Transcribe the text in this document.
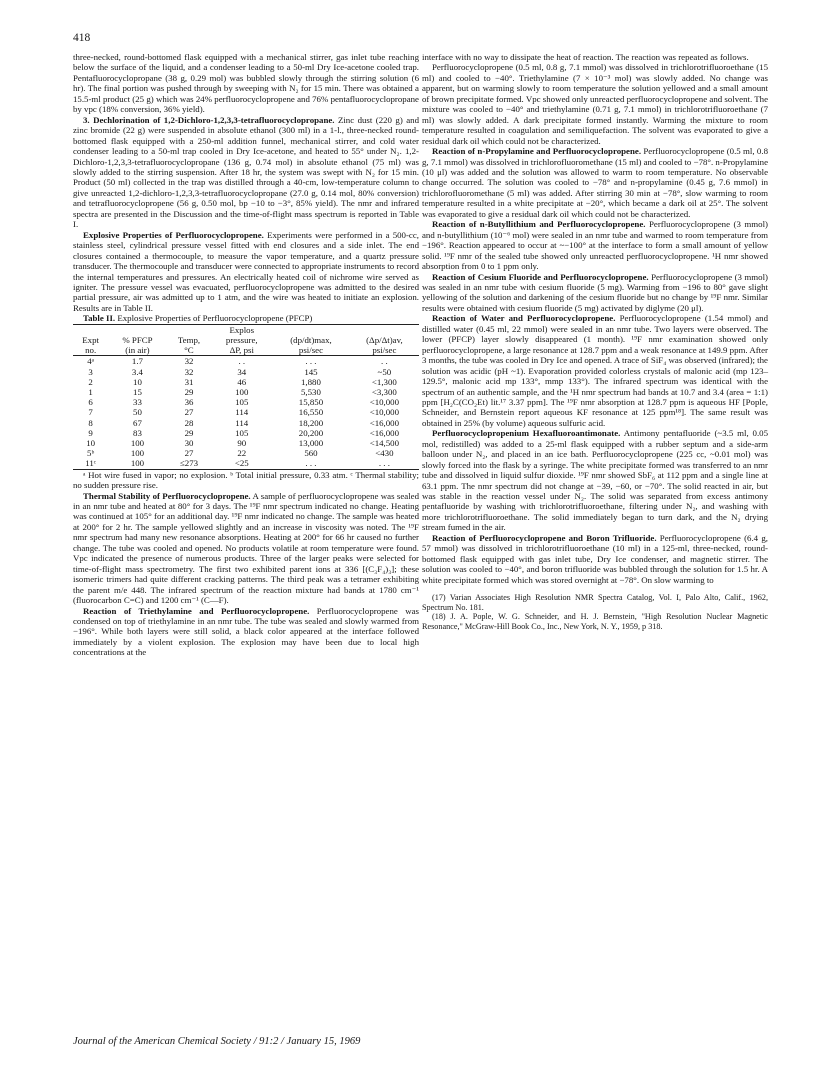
418

three-necked, round-bottomed flask equipped with a mechanical stirrer, gas inlet tube reaching below the surface of the liquid, and a condenser leading to a 50-ml Dry Ice-acetone cooled trap. Pentafluorocyclopropane (38 g, 0.29 mol) was bubbled slowly through the stirring solution (6 hr). The final portion was pushed through by sweeping with N₂ for 15 min. There was obtained a 15.5-ml product (25 g) which was 24% perfluorocyclopropene and 76% pentafluorocyclopropane by vpc (18% conversion, 36% yield).

3. Dechlorination of 1,2-Dichloro-1,2,3,3-tetrafluorocyclopropane. Zinc dust (220 g) and zinc bromide (22 g) were suspended in absolute ethanol (300 ml) in a 1-l., three-necked round-bottomed flask equipped with a 250-ml addition funnel, mechanical stirrer, and cold water condenser leading to a 50-ml trap cooled in Dry Ice-acetone, and heated to 55° under N₂. 1,2-Dichloro-1,2,3,3-tetrafluorocyclopropane (136 g, 0.74 mol) in absolute ethanol (75 ml) was slowly added to the stirring suspension. After 18 hr, the system was swept with N₂ for 15 min. Product (50 ml) collected in the trap was distilled through a 40-cm, low-temperature column to give unreacted 1,2-dichloro-1,2,3,3-tetrafluorocyclopropane (27.0 g, 0.14 mol, 80% conversion) and tetrafluorocyclopropene (56 g, 0.50 mol, bp −10 to −3°, 85% yield). The nmr and infrared spectra are presented in the Discussion and the time-of-flight mass spectrum is reported in Table I.

Explosive Properties of Perfluorocyclopropene. Experiments were performed in a 500-cc, stainless steel, cylindrical pressure vessel fitted with end closures and a side inlet. The end closures contained a thermocouple, to measure the vapor temperature, and a quartz pressure transducer. The thermocouple and transducer were connected to appropriate instruments to record the internal temperatures and pressures. An electrically heated coil of nichrome wire served as igniter. The pressure vessel was evacuated, perfluorocyclopropene was admitted to the desired partial pressure, air was admitted up to 1 atm, and the wire was heated to initiate an explosion. Results are in Table II.

Table II. Explosive Properties of Perfluorocyclopropene (PFCP)

			Explos		
Expt	% PFCP	Temp,	pressure,	(dp/dt)max,	(Δp/Δt)av,
no.	(in air)	°C	ΔP, psi	psi/sec	psi/sec
4ᵃ	1.7	32	. .	. . .	. .
3	3.4	32	34	145	~50
2	10	31	46	1,880	<1,300
1	15	29	100	5,530	<3,300
6	33	36	105	15,850	<10,000
7	50	27	114	16,550	<10,000
8	67	28	114	18,200	<16,000
9	83	29	105	20,200	<16,000
10	100	30	90	13,000	<14,500
5ᵇ	100	27	22	560	<430
11ᶜ	100	≤273	<25	. . .	. . .

ᵃ Hot wire fused in vapor; no explosion. ᵇ Total initial pressure, 0.33 atm. ᶜ Thermal stability; no sudden pressure rise.

Thermal Stability of Perfluorocyclopropene. A sample of perfluorocyclopropene was sealed in an nmr tube and heated at 80° for 3 days. The ¹⁹F nmr spectrum indicated no change. Heating was continued at 105° for an additional day. ¹⁹F nmr indicated no change. The sample was heated at 200° for 2 hr. The sample yellowed slightly and an increase in viscosity was noted. The ¹⁹F nmr spectrum had many new resonance absorptions. Heating at 200° for 66 hr caused no further change. The tube was cooled and opened. No products volatile at room temperature were found. Vpc indicated the presence of numerous products. Three of the larger peaks were selected for time-of-flight mass spectrometry. The first two exhibited parent ions at 336 [(C₃F₄)₃]; these isomeric trimers had quite different cracking patterns. The third peak was a tetramer exhibiting the parent m/e 448. The infrared spectrum of the reaction mixture had bands at 1780 cm⁻¹ (fluorocarbon C=C) and 1200 cm⁻¹ (C—F).

Reaction of Triethylamine and Perfluorocyclopropene. Perfluorocyclopropene was condensed on top of triethylamine in an nmr tube. The tube was sealed and slowly warmed from −196°. While both layers were still solid, a black color appeared at the interface followed immediately by a violent explosion. The explosion may have been due to local high concentrations at the

interface with no way to dissipate the heat of reaction. The reaction was repeated as follows.

Perfluorocyclopropene (0.5 ml, 0.8 g, 7.1 mmol) was dissolved in trichlorotrifluoroethane (15 ml) and cooled to −40°. Triethylamine (7 × 10⁻³ mol) was slowly added. No change was apparent, but on warming slowly to room temperature the solution yellowed and a small amount of brown precipitate formed. Vpc showed only unreacted perfluorocyclopropene and solvent. The mixture was cooled to −40° and triethylamine (0.71 g, 7.1 mmol) in trichlorotrifluoroethane (7 ml) was slowly added. A dark precipitate formed instantly. Warming the mixture to room temperature resulted in coagulation and semiliquefaction. The solvent was evaporated to give a residual dark oil which could not be characterized.

Reaction of n-Propylamine and Perfluorocyclopropene. Perfluorocyclopropene (0.5 ml, 0.8 g, 7.1 mmol) was dissolved in trichlorofluoromethane (15 ml) and cooled to −78°. n-Propylamine (10 μl) was added and the solution was allowed to warm to room temperature. No observable change occurred. The solution was cooled to −78° and n-propylamine (0.45 g, 7.6 mmol) in trichlorofluoromethane (5 ml) was added. After stirring 30 min at −78°, slow warming to room temperature resulted in a white precipitate at −20°, which became a dark oil at 25°. The solvent was evaporated to give a residual dark oil which could not be characterized.

Reaction of n-Butyllithium and Perfluorocyclopropene. Perfluorocyclopropene (3 mmol) and n-butyllithium (10⁻⁶ mol) were sealed in an nmr tube and warmed to room temperature from −196°. Reaction appeared to occur at ~−100° at the interface to form a small amount of yellow solid. ¹⁹F nmr of the sealed tube showed only unreacted perfluorocyclopropene. ¹H nmr showed absorption from 0 to 1 ppm only.

Reaction of Cesium Fluoride and Perfluorocyclopropene. Perfluorocyclopropene (3 mmol) was sealed in an nmr tube with cesium fluoride (5 mg). Warming from −196 to 80° gave slight yellowing of the solution and darkening of the cesium fluoride but no change by ¹⁹F nmr. Similar results were obtained with cesium fluoride (5 mg) activated by diglyme (20 μl).

Reaction of Water and Perfluorocyclopropene. Perfluorocyclopropene (1.54 mmol) and distilled water (0.45 ml, 22 mmol) were sealed in an nmr tube. Two layers were observed. The lower (PFCP) layer slowly disappeared (1 month). ¹⁹F nmr examination showed only perfluorocyclopropene, a large resonance at 128.7 ppm and a weak resonance at 149.9 ppm. After 3 months, the tube was cooled in Dry Ice and opened. A trace of SiF₄ was observed (infrared); the solution was acidic (pH ~1). Evaporation provided colorless crystals of malonic acid (mp 123–129.5°, malonic acid mp 133°, mmp 133°). The infrared spectrum was identical with the spectrum of an authentic sample, and the ¹H nmr spectrum had bands at 10.7 and 3.4 (area = 1:1) ppm [H₂C(CO₂Et) lit.¹⁷ 3.37 ppm]. The ¹⁹F nmr absorption at 128.7 ppm is aqueous HF [Pople, Schneider, and Bernstein report aqueous KF resonance at 125 ppm¹⁸]. The same result was obtained in 25% (by volume) aqueous sulfuric acid.

Perfluorocyclopropenium Hexafluoroantimonate. Antimony pentafluoride (~3.5 ml, 0.05 mol, redistilled) was added to a 25-ml flask equipped with a rubber septum and a side-arm balloon under N₂, and placed in an ice bath. Perfluorocyclopropene (225 cc, ~0.01 mol) was slowly forced into the flask by a syringe. The white precipitate formed was transferred to an nmr tube and dissolved in liquid sulfur dioxide. ¹⁹F nmr showed SbF₆ at 112 ppm and a single line at 63.1 ppm. The nmr spectrum did not change at −39, −60, or −70°. The solid reacted in air, but was stable in the reaction vessel under N₂. The solid was separated from excess antimony pentafluoride by washing with trichlorotrifluoroethane, filtering under N₂, and washing with more trichlorotrifluoroethane. The solid immediately began to turn dark, and the N₂ drying stream fumed in the air.

Reaction of Perfluorocyclopropene and Boron Trifluoride. Perfluorocyclopropene (6.4 g, 57 mmol) was dissolved in trichlorotrifluoroethane (10 ml) in a 125-ml, three-necked, round-bottomed flask equipped with gas inlet tube, Dry Ice condenser, and magnetic stirrer. The solution was cooled to −40°, and boron trifluoride was bubbled through the solution for 1.5 hr. A white precipitate formed which was stored overnight at −78°. On slow warming to

(17) Varian Associates High Resolution NMR Spectra Catalog, Vol. I, Palo Alto, Calif., 1962, Spectrum No. 181.

(18) J. A. Pople, W. G. Schneider, and H. J. Bernstein, "High Resolution Nuclear Magnetic Resonance," McGraw-Hill Book Co., Inc., New York, N. Y., 1959, p 318.

Journal of the American Chemical Society / 91:2 / January 15, 1969
